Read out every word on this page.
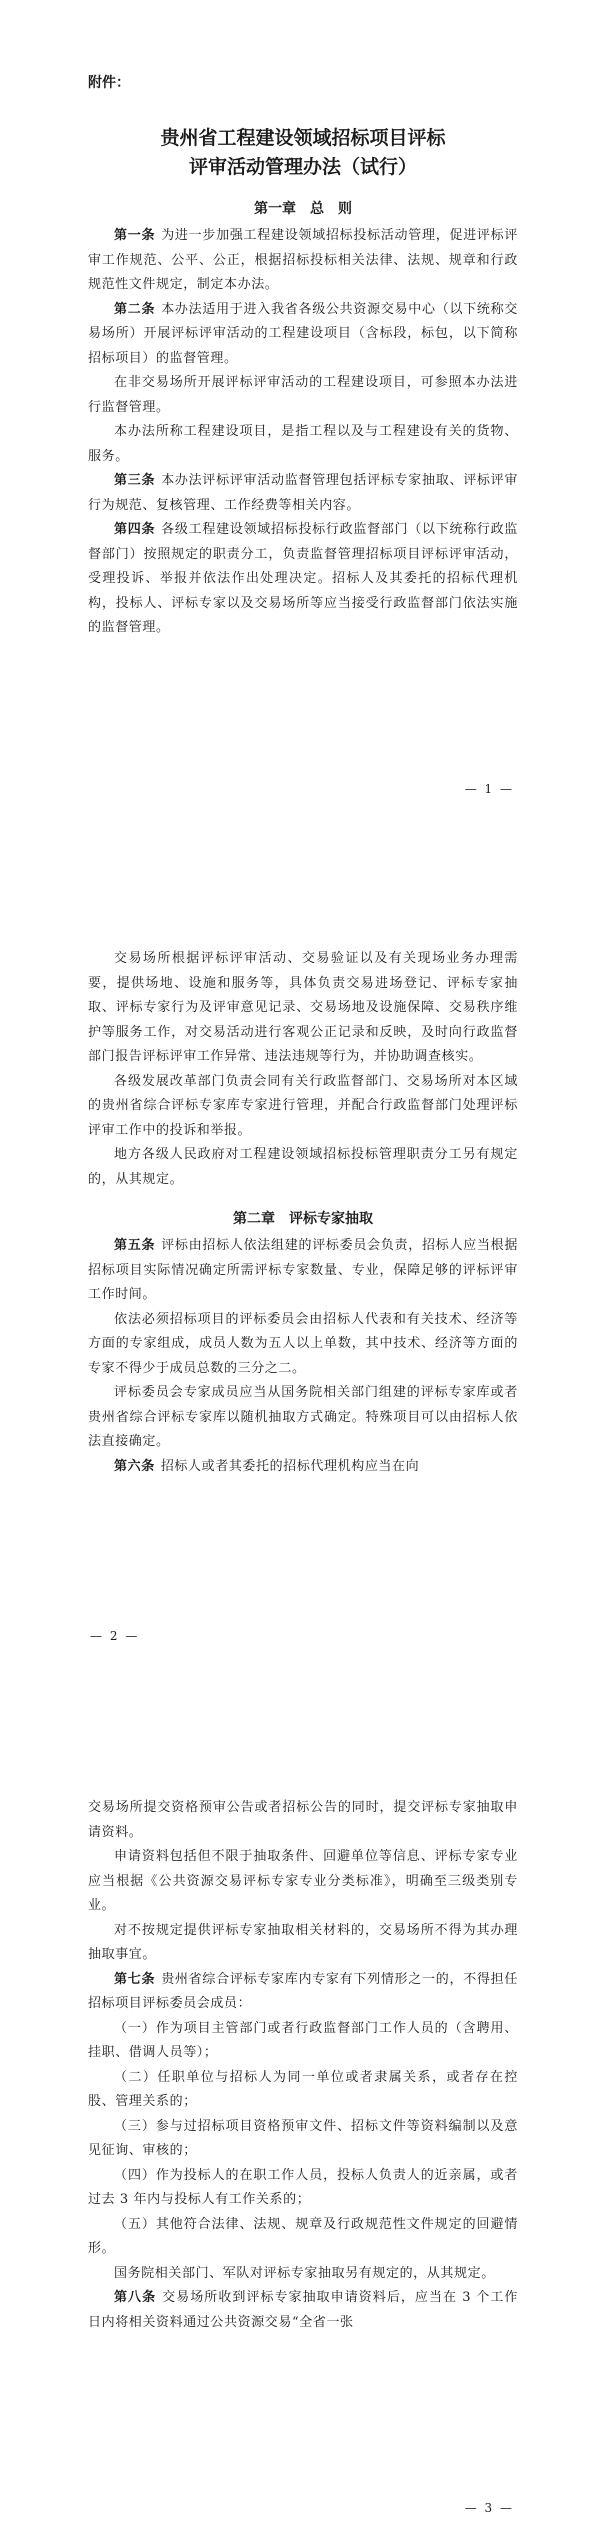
附件：
贵州省工程建设领域招标项目评标
评审活动管理办法（试行）
第一章　总　则

第一条 为进一步加强工程建设领域招标投标活动管理，促进评标评审工作规范、公平、公正，根据招标投标相关法律、法规、规章和行政规范性文件规定，制定本办法。

第二条 本办法适用于进入我省各级公共资源交易中心（以下统称交易场所）开展评标评审活动的工程建设项目（含标段，标包，以下简称招标项目）的监督管理。

在非交易场所开展评标评审活动的工程建设项目，可参照本办法进行监督管理。

本办法所称工程建设项目，是指工程以及与工程建设有关的货物、服务。

第三条 本办法评标评审活动监督管理包括评标专家抽取、评标评审行为规范、复核管理、工作经费等相关内容。

第四条 各级工程建设领域招标投标行政监督部门（以下统称行政监督部门）按照规定的职责分工，负责监督管理招标项目评标评审活动，受理投诉、举报并依法作出处理决定。招标人及其委托的招标代理机构，投标人、评标专家以及交易场所等应当接受行政监督部门依法实施的监督管理。

— 1 —

交易场所根据评标评审活动、交易验证以及有关现场业务办理需要，提供场地、设施和服务等，具体负责交易进场登记、评标专家抽取、评标专家行为及评审意见记录、交易场地及设施保障、交易秩序维护等服务工作，对交易活动进行客观公正记录和反映，及时向行政监督部门报告评标评审工作异常、违法违规等行为，并协助调查核实。

各级发展改革部门负责会同有关行政监督部门、交易场所对本区域的贵州省综合评标专家库专家进行管理，并配合行政监督部门处理评标评审工作中的投诉和举报。

地方各级人民政府对工程建设领域招标投标管理职责分工另有规定的，从其规定。

第二章　评标专家抽取

第五条 评标由招标人依法组建的评标委员会负责，招标人应当根据招标项目实际情况确定所需评标专家数量、专业，保障足够的评标评审工作时间。

依法必须招标项目的评标委员会由招标人代表和有关技术、经济等方面的专家组成，成员人数为五人以上单数，其中技术、经济等方面的专家不得少于成员总数的三分之二。

评标委员会专家成员应当从国务院相关部门组建的评标专家库或者贵州省综合评标专家库以随机抽取方式确定。特殊项目可以由招标人依法直接确定。

第六条 招标人或者其委托的招标代理机构应当在向

— 2 —

交易场所提交资格预审公告或者招标公告的同时，提交评标专家抽取申请资料。

申请资料包括但不限于抽取条件、回避单位等信息、评标专家专业应当根据《公共资源交易评标专家专业分类标准》，明确至三级类别专业。

对不按规定提供评标专家抽取相关材料的，交易场所不得为其办理抽取事宜。

第七条 贵州省综合评标专家库内专家有下列情形之一的，不得担任招标项目评标委员会成员：

（一）作为项目主管部门或者行政监督部门工作人员的（含聘用、挂职、借调人员等）；

（二）任职单位与招标人为同一单位或者隶属关系，或者存在控股、管理关系的；

（三）参与过招标项目资格预审文件、招标文件等资料编制以及意见征询、审核的；

（四）作为投标人的在职工作人员，投标人负责人的近亲属，或者过去 3 年内与投标人有工作关系的；

（五）其他符合法律、法规、规章及行政规范性文件规定的回避情形。

国务院相关部门、军队对评标专家抽取另有规定的，从其规定。

第八条 交易场所收到评标专家抽取申请资料后，应当在 3 个工作日内将相关资料通过公共资源交易“全省一张

— 3 —
